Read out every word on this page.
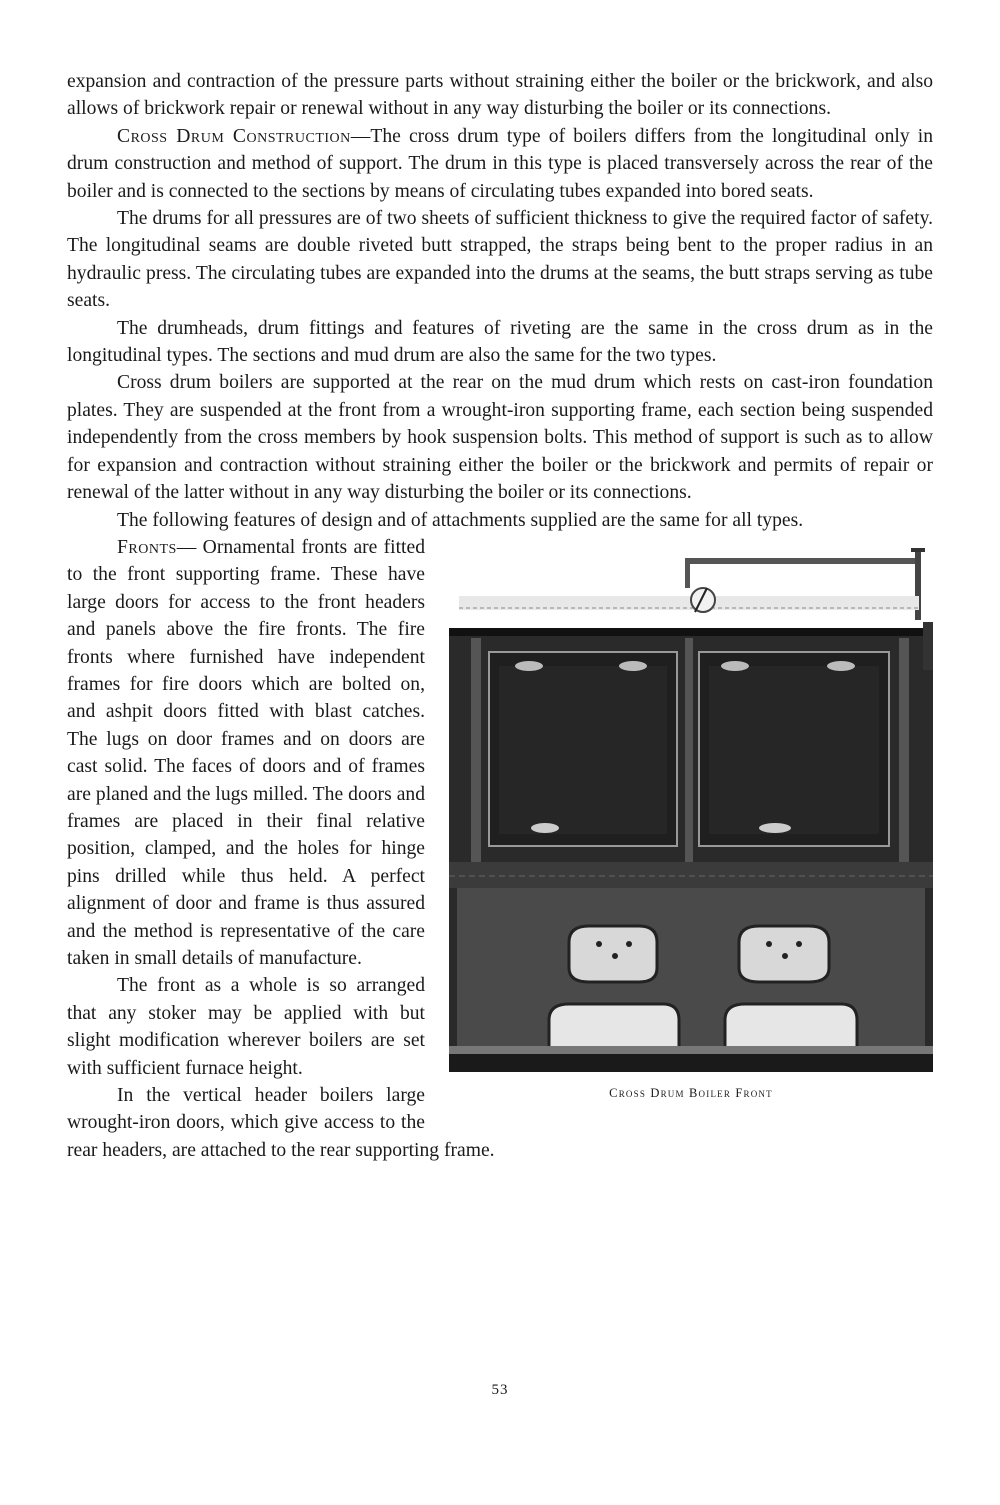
expansion and contraction of the pressure parts without straining either the boiler or the brickwork, and also allows of brickwork repair or renewal without in any way disturbing the boiler or its connections.

Cross Drum Construction—The cross drum type of boilers differs from the longitudinal only in drum construction and method of support. The drum in this type is placed transversely across the rear of the boiler and is connected to the sections by means of circulating tubes expanded into bored seats.

The drums for all pressures are of two sheets of sufficient thickness to give the required factor of safety. The longitudinal seams are double riveted butt strapped, the straps being bent to the proper radius in an hydraulic press. The circulating tubes are expanded into the drums at the seams, the butt straps serving as tube seats.

The drumheads, drum fittings and features of riveting are the same in the cross drum as in the longitudinal types. The sections and mud drum are also the same for the two types.

Cross drum boilers are supported at the rear on the mud drum which rests on cast-iron foundation plates. They are suspended at the front from a wrought-iron supporting frame, each section being suspended independently from the cross members by hook suspension bolts. This method of support is such as to allow for expansion and contraction without straining either the boiler or the brickwork and permits of repair or renewal of the latter without in any way disturbing the boiler or its connections.

The following features of design and of attachments supplied are the same for all types.

Cross Drum Boiler Front

Fronts— Ornamental fronts are fitted to the front supporting frame. These have large doors for access to the front headers and panels above the fire fronts. The fire fronts where furnished have independent frames for fire doors which are bolted on, and ashpit doors fitted with blast catches. The lugs on door frames and on doors are cast solid. The faces of doors and of frames are planed and the lugs milled. The doors and frames are placed in their final relative position, clamped, and the holes for hinge pins drilled while thus held. A perfect alignment of door and frame is thus assured and the method is representative of the care taken in small details of manufacture.

The front as a whole is so arranged that any stoker may be applied with but slight modification wherever boilers are set with sufficient furnace height.

In the vertical header boilers large wrought-iron doors, which give access to the rear headers, are attached to the rear supporting frame.

53
